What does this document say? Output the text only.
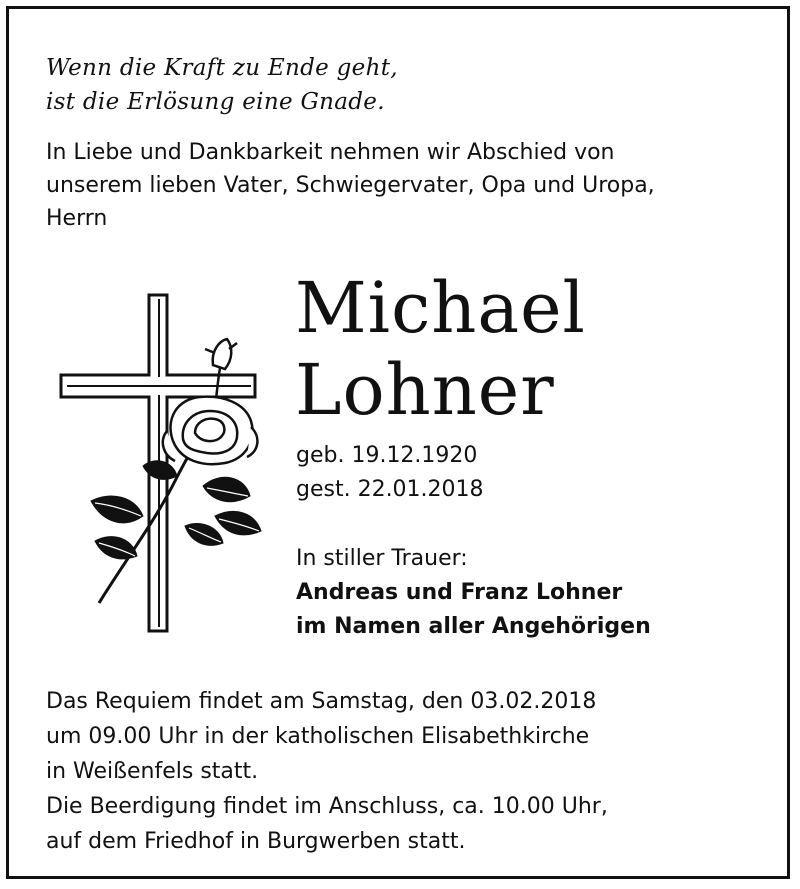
Wenn die Kraft zu Ende geht,
ist die Erlösung eine Gnade.
In Liebe und Dankbarkeit nehmen wir Abschied von
unserem lieben Vater, Schwiegervater, Opa und Uropa,
Herrn
Michael
Lohner
geb. 19.12.1920
gest. 22.01.2018
In stiller Trauer:
Andreas und Franz Lohner
im Namen aller Angehörigen
Das Requiem findet am Samstag, den 03.02.2018
um 09.00 Uhr in der katholischen Elisabethkirche
in Weißenfels statt.
Die Beerdigung findet im Anschluss, ca. 10.00 Uhr,
auf dem Friedhof in Burgwerben statt.
